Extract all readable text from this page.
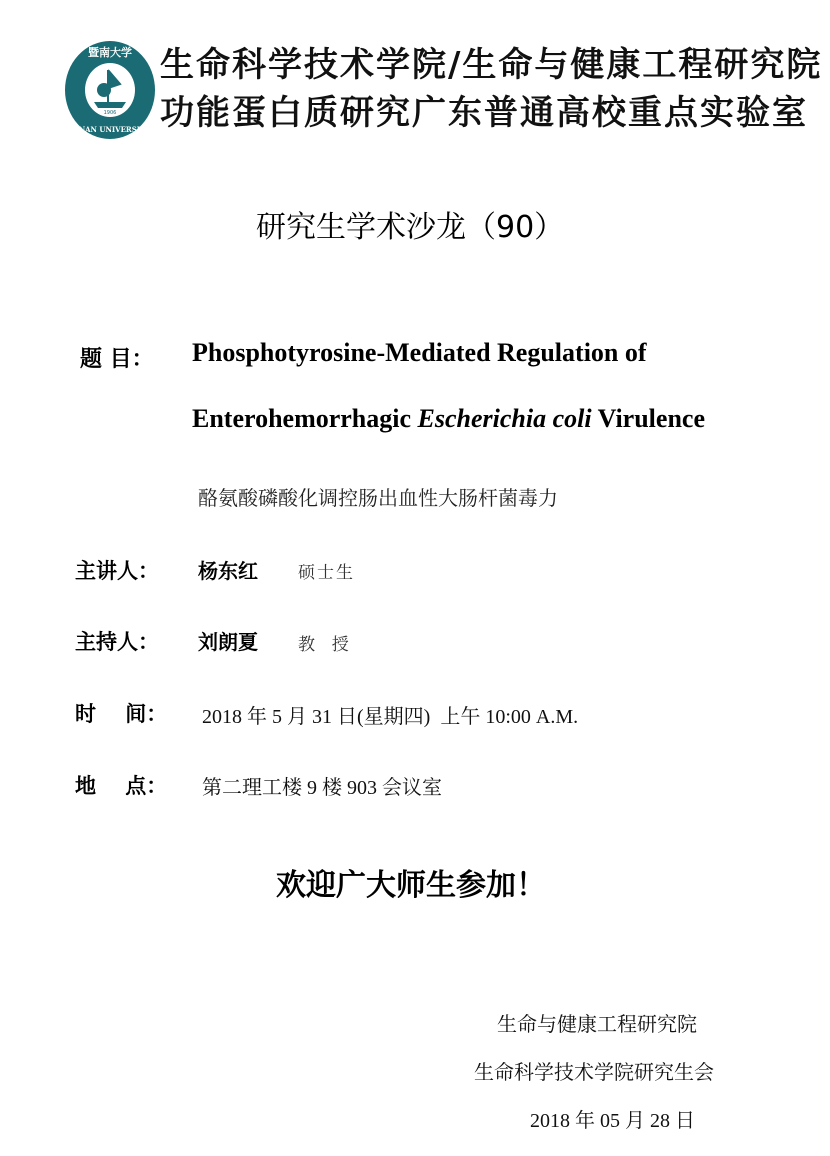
1906
暨南大学
JI NAN UNIVERSITY
生命科学技术学院/生命与健康工程研究院
功能蛋白质研究广东普通高校重点实验室
研究生学术沙龙（90）
题 目： Phosphotyrosine-Mediated Regulation of
Enterohemorrhagic Escherichia coli Virulence
酪氨酸磷酸化调控肠出血性大肠杆菌毒力
主讲人： 杨东红 硕士生
主持人： 刘朗夏 教  授
时    间： 2018 年 5 月 31 日(星期四)  上午 10:00 A.M.
地    点： 第二理工楼 9 楼 903 会议室
欢迎广大师生参加！
生命与健康工程研究院
生命科学技术学院研究生会
2018 年 05 月 28 日
